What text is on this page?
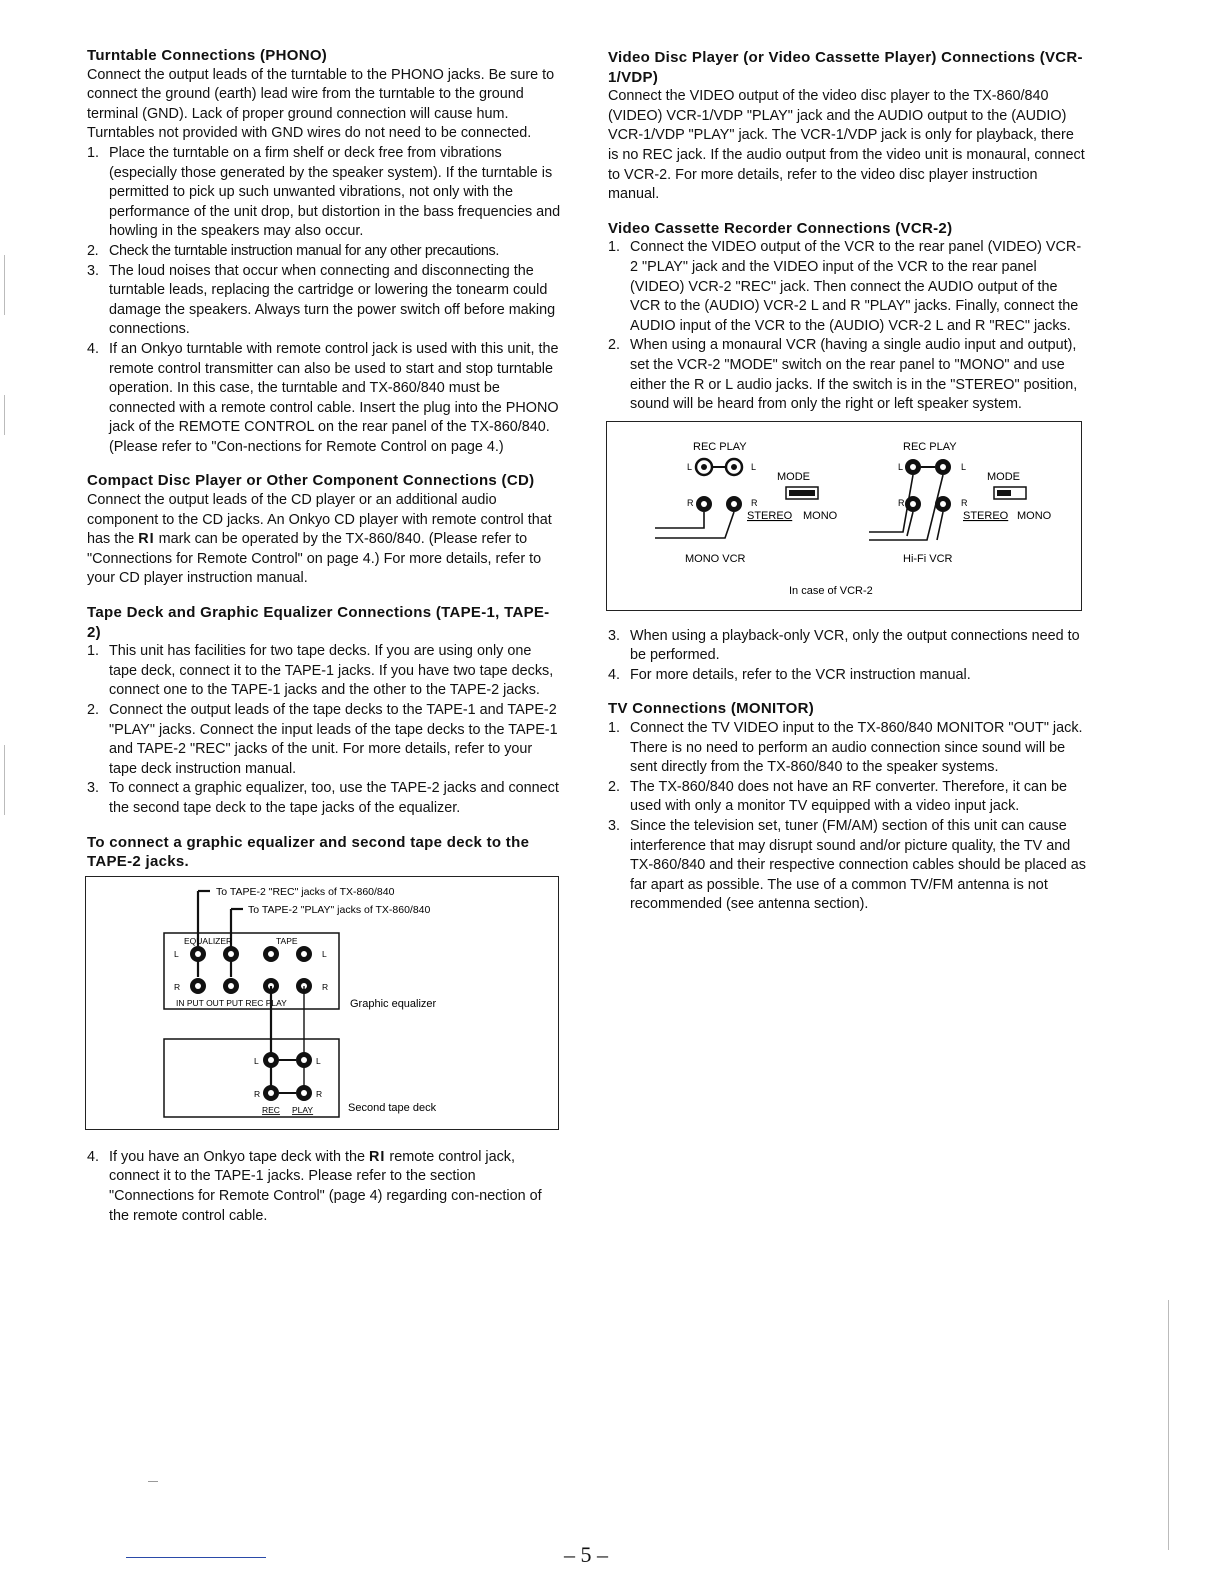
Turntable Connections (PHONO)

Connect the output leads of the turntable to the PHONO jacks. Be sure to connect the ground (earth) lead wire from the turntable to the ground terminal (GND). Lack of proper ground connection will cause hum. Turntables not provided with GND wires do not need to be connected.

1. Place the turntable on a firm shelf or deck free from vibrations (especially those generated by the speaker system). If the turntable is permitted to pick up such unwanted vibrations, not only with the performance of the unit drop, but distortion in the bass frequencies and howling in the speakers may also occur.
2. Check the turntable instruction manual for any other precautions.
3. The loud noises that occur when connecting and disconnecting the turntable leads, replacing the cartridge or lowering the tonearm could damage the speakers. Always turn the power switch off before making connections.
4. If an Onkyo turntable with remote control jack is used with this unit, the remote control transmitter can also be used to start and stop turntable operation. In this case, the turntable and TX-860/840 must be connected with a remote control cable. Insert the plug into the PHONO jack of the REMOTE CONTROL on the rear panel of the TX-860/840. (Please refer to "Con-nections for Remote Control on page 4.)
Compact Disc Player or Other Component Connections (CD)

Connect the output leads of the CD player or an additional audio component to the CD jacks. An Onkyo CD player with remote control that has the RI mark can be operated by the TX-860/840. (Please refer to "Connections for Remote Control" on page 4.) For more details, refer to your CD player instruction manual.

Tape Deck and Graphic Equalizer Connections (TAPE-1, TAPE-2)
1. This unit has facilities for two tape decks. If you are using only one tape deck, connect it to the TAPE-1 jacks. If you have two tape decks, connect one to the TAPE-1 jacks and the other to the TAPE-2 jacks.
2. Connect the output leads of the tape decks to the TAPE-1 and TAPE-2 "PLAY" jacks. Connect the input leads of the tape decks to the TAPE-1 and TAPE-2 "REC" jacks of the unit. For more details, refer to your tape deck instruction manual.
3. To connect a graphic equalizer, too, use the TAPE-2 jacks and connect the second tape deck to the tape jacks of the equalizer.
To connect a graphic equalizer and second tape deck to the TAPE-2 jacks.
To TAPE-2 "REC" jacks of TX-860/840
To TAPE-2 "PLAY" jacks of TX-860/840
EQUALIZER	TAPE
L
R
L
R
IN PUT OUT PUT REC PLAY	Graphic equalizer
L	L
R	R
REC PLAY	Second tape deck
4. If you have an Onkyo tape deck with the RI remote control jack, connect it to the TAPE-1 jacks. Please refer to the section "Connections for Remote Control" (page 4) regarding con-nection of the remote control cable.
Video Disc Player (or Video Cassette Player) Connections (VCR-1/VDP)

Connect the VIDEO output of the video disc player to the TX-860/840 (VIDEO) VCR-1/VDP "PLAY" jack and the AUDIO output to the (AUDIO) VCR-1/VDP "PLAY" jack. The VCR-1/VDP jack is only for playback, there is no REC jack. If the audio output from the video unit is monaural, connect to VCR-2. For more details, refer to the video disc player instruction manual.

Video Cassette Recorder Connections (VCR-2)
1. Connect the VIDEO output of the VCR to the rear panel (VIDEO) VCR-2 "PLAY" jack and the VIDEO input of the VCR to the rear panel (VIDEO) VCR-2 "REC" jack. Then connect the AUDIO output of the VCR to the (AUDIO) VCR-2 L and R "PLAY" jacks. Finally, connect the AUDIO input of the VCR to the (AUDIO) VCR-2 L and R "REC" jacks.
2. When using a monaural VCR (having a single audio input and output), set the VCR-2 "MODE" switch on the rear panel to "MONO" and use either the R or L audio jacks. If the switch is in the "STEREO" position, sound will be heard from only the right or left speaker system.
REC PLAY
L	L
MODE
R	R
STEREO MONO
MONO VCR
REC PLAY
L	L
MODE
R	R
STEREO MONO
Hi-Fi VCR
In case of VCR-2
3. When using a playback-only VCR, only the output connections need to be performed.
4. For more details, refer to the VCR instruction manual.
TV Connections (MONITOR)
1. Connect the TV VIDEO input to the TX-860/840 MONITOR "OUT" jack. There is no need to perform an audio connection since sound will be sent directly from the TX-860/840 to the speaker systems.
2. The TX-860/840 does not have an RF converter. Therefore, it can be used with only a monitor TV equipped with a video input jack.
3. Since the television set, tuner (FM/AM) section of this unit can cause interference that may disrupt sound and/or picture quality, the TV and TX-860/840 and their respective connection cables should be placed as far apart as possible. The use of a common TV/FM antenna is not recommended (see antenna section).
– 5 –
